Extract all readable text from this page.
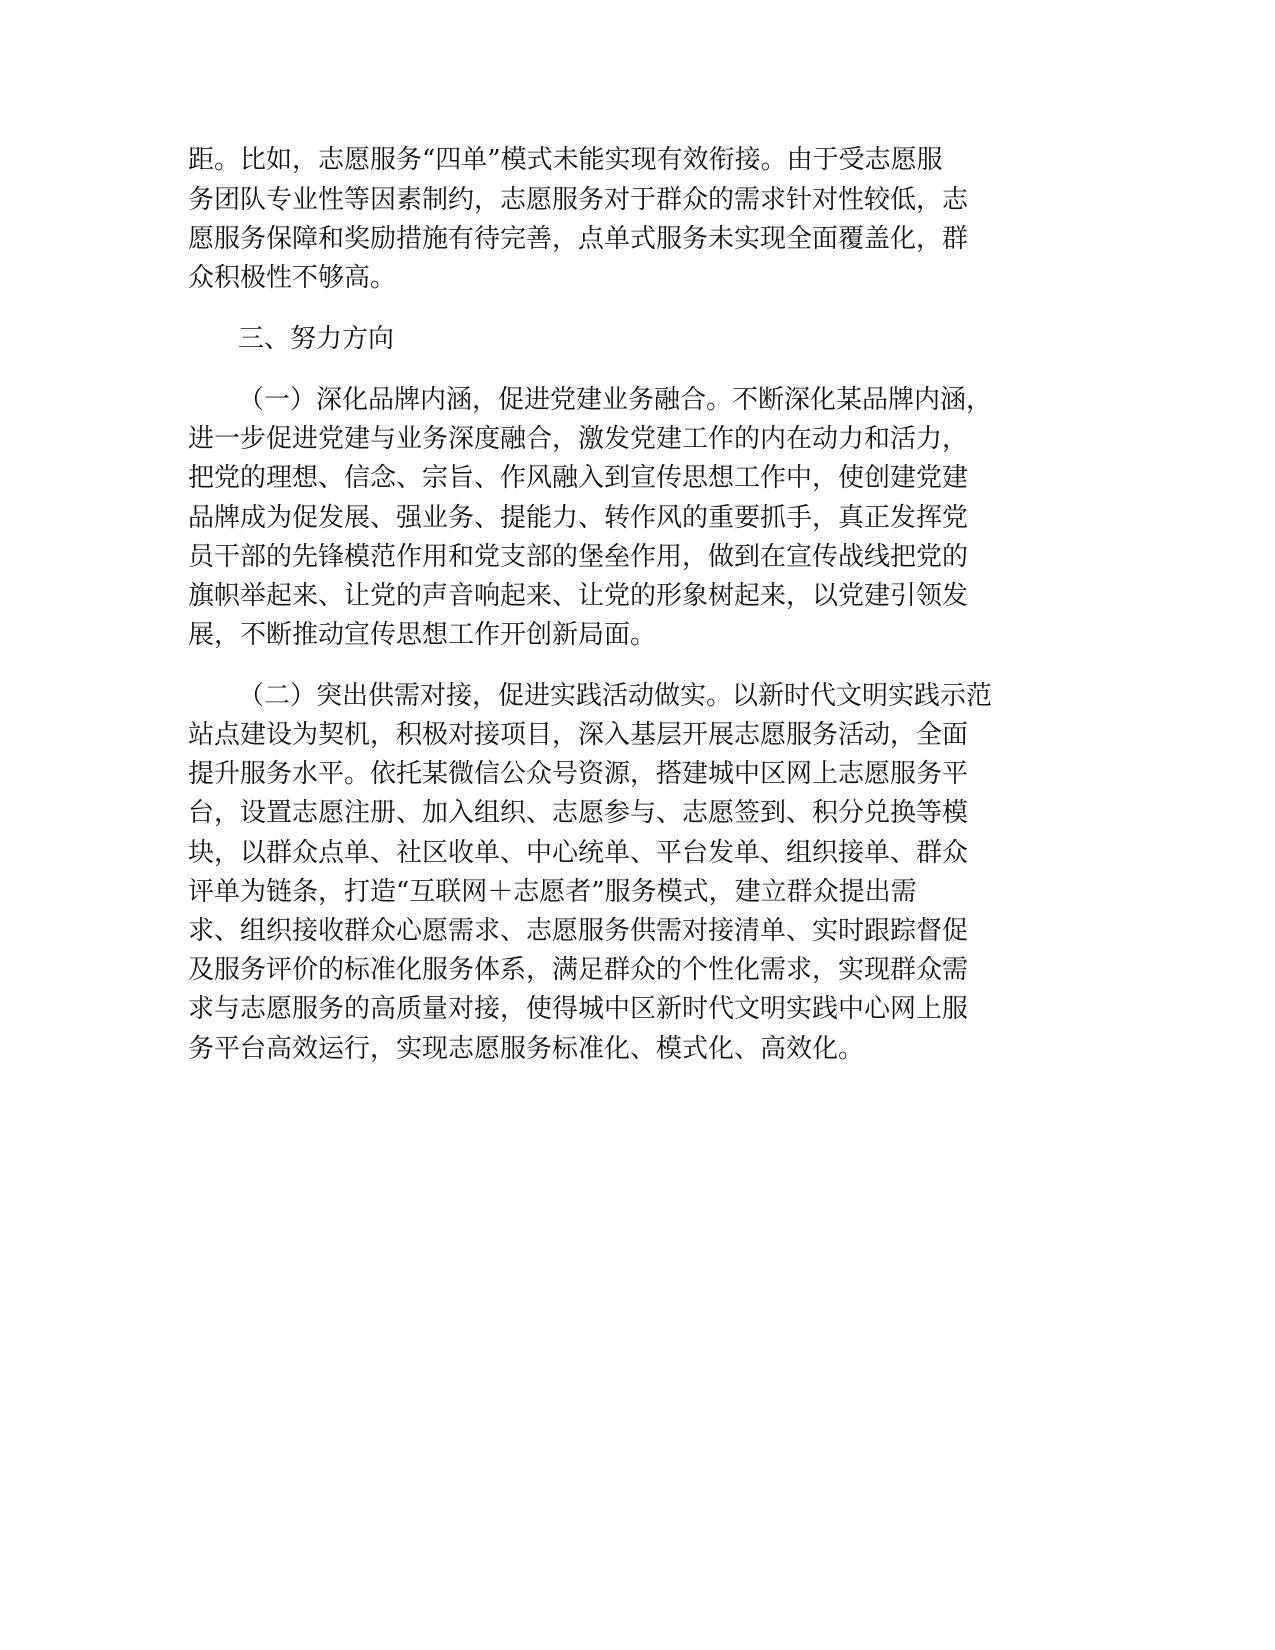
距。比如，志愿服务“四单”模式未能实现有效衔接。由于受志愿服

务团队专业性等因素制约，志愿服务对于群众的需求针对性较低，志

愿服务保障和奖励措施有待完善，点单式服务未实现全面覆盖化，群

众积极性不够高。

三、努力方向

（一）深化品牌内涵，促进党建业务融合。不断深化某品牌内涵，

进一步促进党建与业务深度融合，激发党建工作的内在动力和活力，

把党的理想、信念、宗旨、作风融入到宣传思想工作中，使创建党建

品牌成为促发展、强业务、提能力、转作风的重要抓手，真正发挥党

员干部的先锋模范作用和党支部的堡垒作用，做到在宣传战线把党的

旗帜举起来、让党的声音响起来、让党的形象树起来，以党建引领发

展，不断推动宣传思想工作开创新局面。

（二）突出供需对接，促进实践活动做实。以新时代文明实践示范

站点建设为契机，积极对接项目，深入基层开展志愿服务活动，全面

提升服务水平。依托某微信公众号资源，搭建城中区网上志愿服务平

台，设置志愿注册、加入组织、志愿参与、志愿签到、积分兑换等模

块，以群众点单、社区收单、中心统单、平台发单、组织接单、群众

评单为链条，打造“互联网＋志愿者”服务模式，建立群众提出需

求、组织接收群众心愿需求、志愿服务供需对接清单、实时跟踪督促

及服务评价的标准化服务体系，满足群众的个性化需求，实现群众需

求与志愿服务的高质量对接，使得城中区新时代文明实践中心网上服

务平台高效运行，实现志愿服务标准化、模式化、高效化。
